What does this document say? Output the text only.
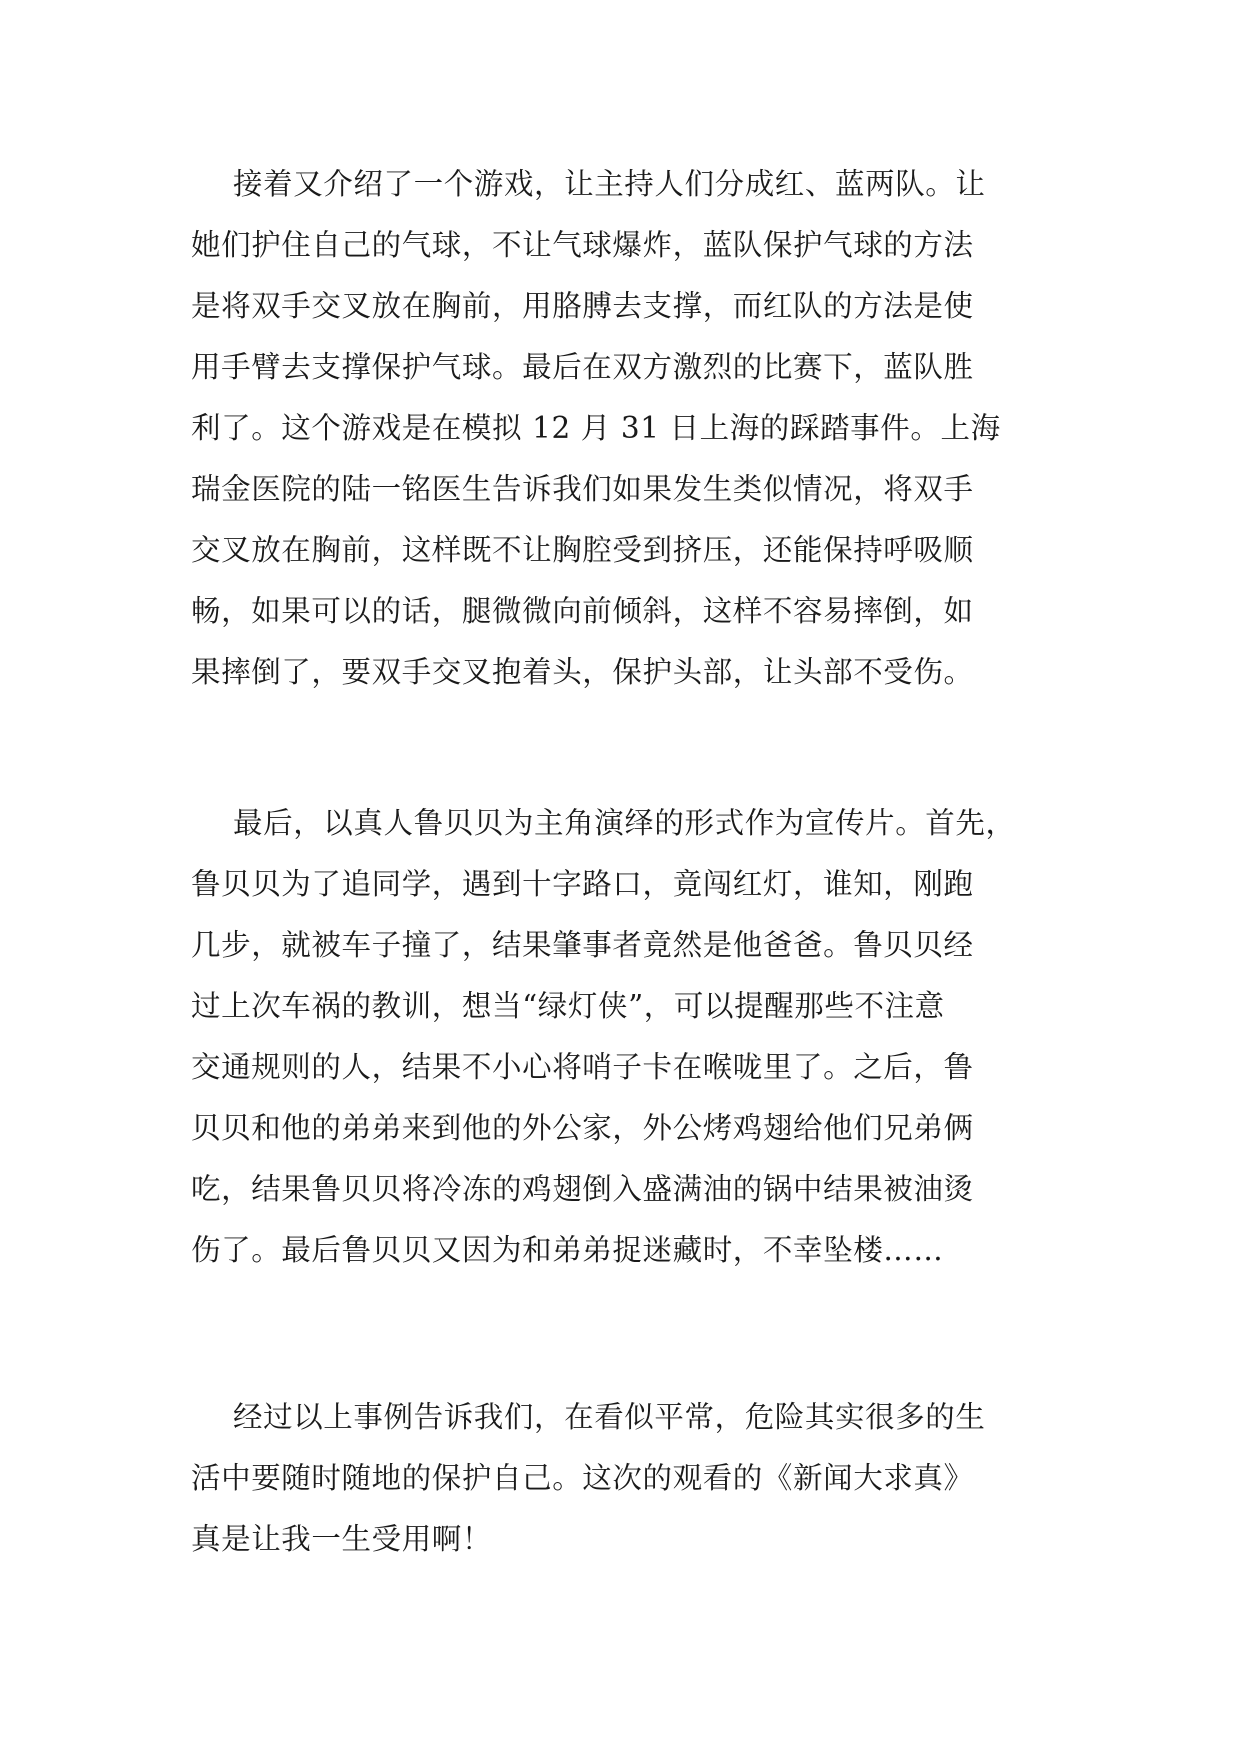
接着又介绍了一个游戏，让主持人们分成红、蓝两队。让
她们护住自己的气球，不让气球爆炸，蓝队保护气球的方法
是将双手交叉放在胸前，用胳膊去支撑，而红队的方法是使
用手臂去支撑保护气球。最后在双方激烈的比赛下，蓝队胜
利了。这个游戏是在模拟 12 月 31 日上海的踩踏事件。上海
瑞金医院的陆一铭医生告诉我们如果发生类似情况，将双手
交叉放在胸前，这样既不让胸腔受到挤压，还能保持呼吸顺
畅，如果可以的话，腿微微向前倾斜，这样不容易摔倒，如
果摔倒了，要双手交叉抱着头，保护头部，让头部不受伤。
最后，以真人鲁贝贝为主角演绎的形式作为宣传片。首先，
鲁贝贝为了追同学，遇到十字路口，竟闯红灯，谁知，刚跑
几步，就被车子撞了，结果肇事者竟然是他爸爸。鲁贝贝经
过上次车祸的教训，想当“绿灯侠”，可以提醒那些不注意
交通规则的人，结果不小心将哨子卡在喉咙里了。之后，鲁
贝贝和他的弟弟来到他的外公家，外公烤鸡翅给他们兄弟俩
吃，结果鲁贝贝将冷冻的鸡翅倒入盛满油的锅中结果被油烫
伤了。最后鲁贝贝又因为和弟弟捉迷藏时，不幸坠楼……
经过以上事例告诉我们，在看似平常，危险其实很多的生
活中要随时随地的保护自己。这次的观看的《新闻大求真》
真是让我一生受用啊！
